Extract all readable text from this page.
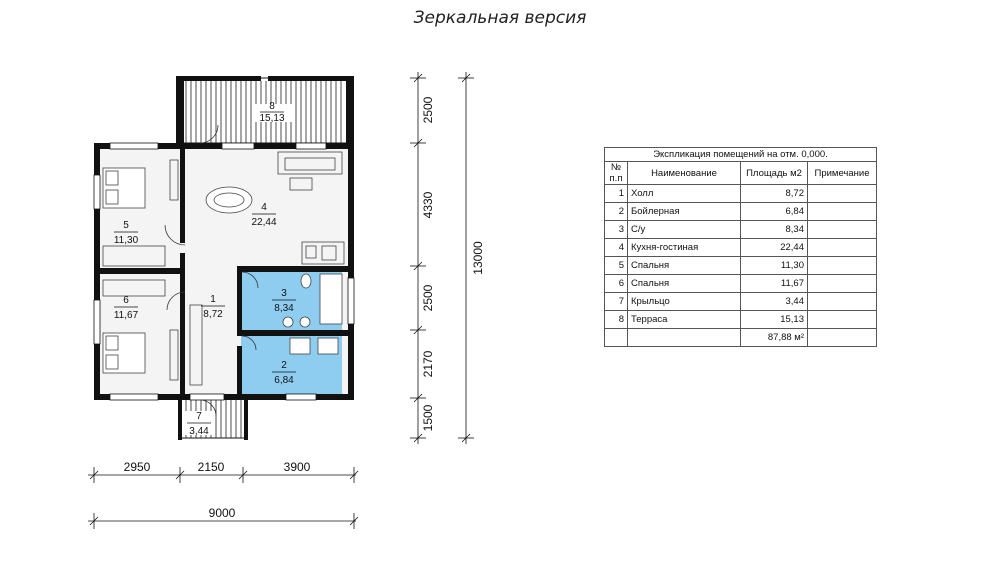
Зеркальная версия
8
15,13
4
22,44
5
11,30
6
11,67
1
8,72
3
8,34
2
6,84
7
3,44
2950	2150	3900
9000
2500
4330
2500
2170
1500
13000
Экспликация помещений на отм. 0,000.			
№ п.п	Наименование	Площадь м2	Примечание
1	Холл	8,72	
2	Бойлерная	6,84	
3	С/у	8,34	
4	Кухня-гостиная	22,44	
5	Спальня	11,30	
6	Спальня	11,67	
7	Крыльцо	3,44	
8	Терраса	15,13	
		87,88 м²	
